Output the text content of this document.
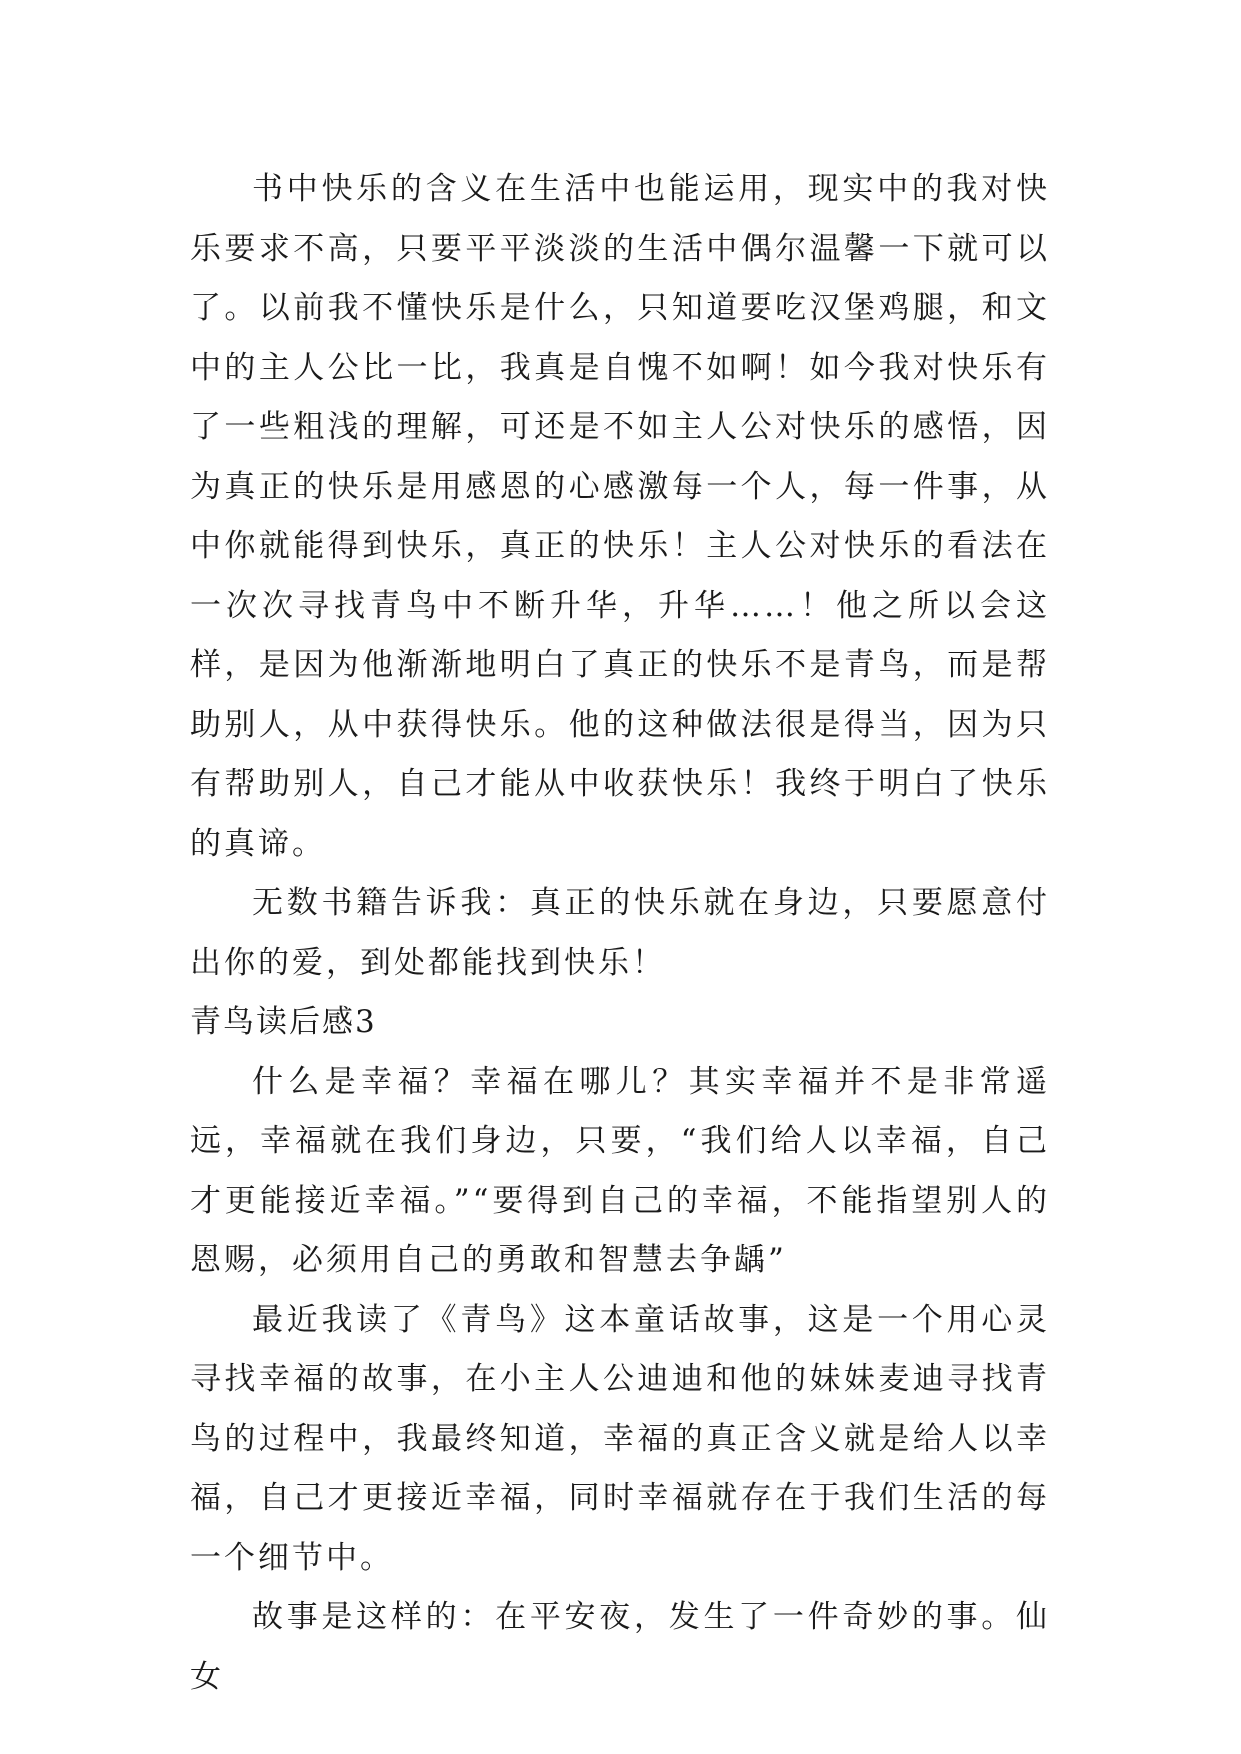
书中快乐的含义在生活中也能运用，现实中的我对快乐要求不高，只要平平淡淡的生活中偶尔温馨一下就可以了。以前我不懂快乐是什么，只知道要吃汉堡鸡腿，和文中的主人公比一比，我真是自愧不如啊！如今我对快乐有了一些粗浅的理解，可还是不如主人公对快乐的感悟，因为真正的快乐是用感恩的心感激每一个人，每一件事，从中你就能得到快乐，真正的快乐！主人公对快乐的看法在一次次寻找青鸟中不断升华，升华……！他之所以会这样，是因为他渐渐地明白了真正的快乐不是青鸟，而是帮助别人，从中获得快乐。他的这种做法很是得当，因为只有帮助别人，自己才能从中收获快乐！我终于明白了快乐的真谛。

无数书籍告诉我：真正的快乐就在身边，只要愿意付出你的爱，到处都能找到快乐！

青鸟读后感3

什么是幸福？幸福在哪儿？其实幸福并不是非常遥远，幸福就在我们身边，只要，“我们给人以幸福，自己才更能接近幸福。”“要得到自己的幸福，不能指望别人的恩赐，必须用自己的勇敢和智慧去争龋”

最近我读了《青鸟》这本童话故事，这是一个用心灵寻找幸福的故事，在小主人公迪迪和他的妹妹麦迪寻找青鸟的过程中，我最终知道，幸福的真正含义就是给人以幸福，自己才更接近幸福，同时幸福就存在于我们生活的每一个细节中。

故事是这样的：在平安夜，发生了一件奇妙的事。仙女
